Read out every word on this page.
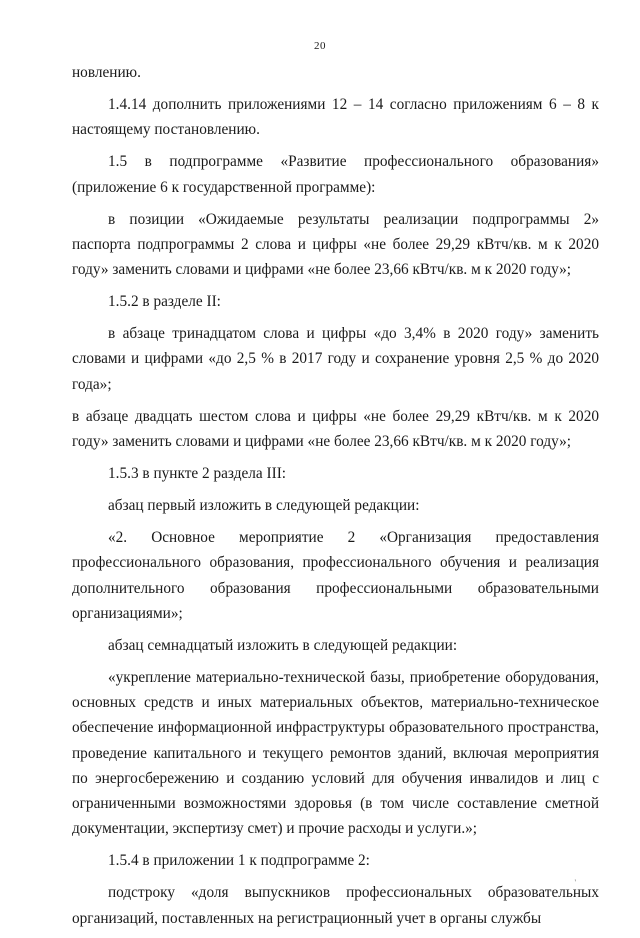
20

новлению.

1.4.14 дополнить приложениями 12 – 14 согласно приложениям 6 – 8 к настоящему постановлению.

1.5 в подпрограмме «Развитие профессионального образования» (приложение 6 к государственной программе):

в позиции «Ожидаемые результаты реализации подпрограммы 2» паспорта подпрограммы 2 слова и цифры «не более 29,29 кВтч/кв. м к 2020 году» заменить словами и цифрами «не более 23,66 кВтч/кв. м к 2020 году»;

1.5.2 в разделе II:

в абзаце тринадцатом слова и цифры «до 3,4% в 2020 году» заменить словами и цифрами «до 2,5 % в 2017 году и сохранение уровня 2,5 % до 2020 года»;

в абзаце двадцать шестом слова и цифры «не более 29,29 кВтч/кв. м к 2020 году» заменить словами и цифрами «не более 23,66 кВтч/кв. м к 2020 году»;

1.5.3 в пункте 2 раздела III:

абзац первый изложить в следующей редакции:

«2. Основное мероприятие 2 «Организация предоставления профессионального образования, профессионального обучения и реализация дополнительного образования профессиональными образовательными организациями»;

абзац семнадцатый изложить в следующей редакции:

«укрепление материально-технической базы, приобретение оборудования, основных средств и иных материальных объектов, материально-техническое обеспечение информационной инфраструктуры образовательного пространства, проведение капитального и текущего ремонтов зданий, включая мероприятия по энергосбережению и созданию условий для обучения инвалидов и лиц с ограниченными возможностями здоровья (в том числе составление сметной документации, экспертизу смет) и прочие расходы и услуги.»;

1.5.4 в приложении 1 к подпрограмме 2:

подстроку «доля выпускников профессиональных образовательных организаций, поставленных на регистрационный учет в органы службы

'
